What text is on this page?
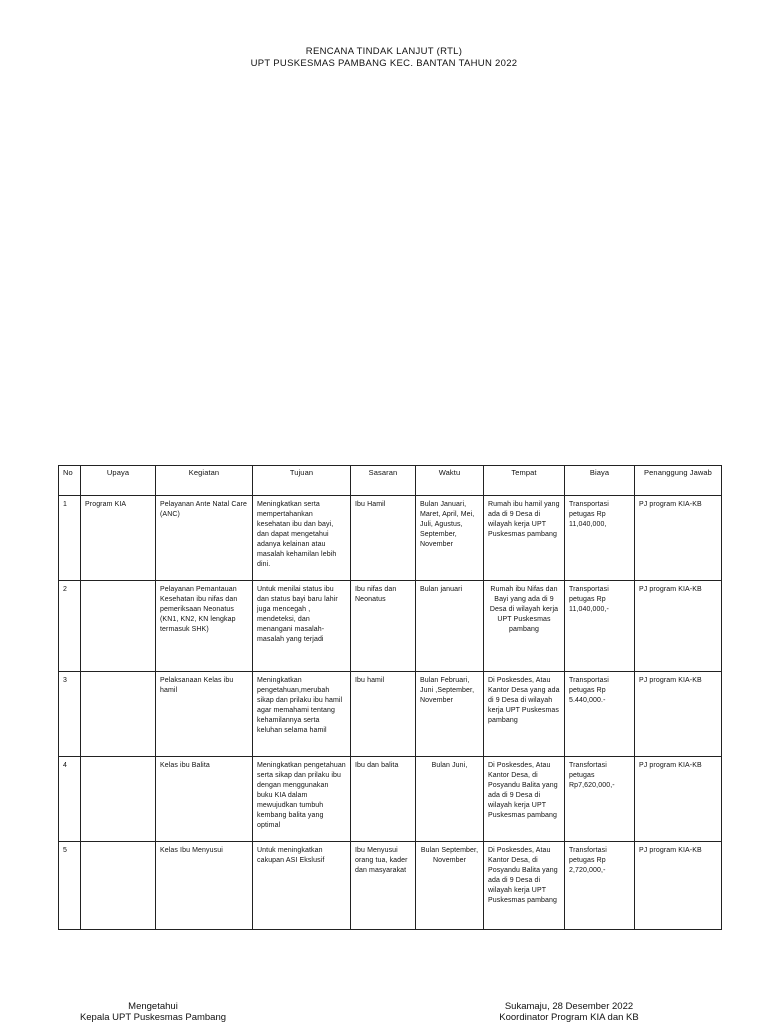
RENCANA TINDAK LANJUT (RTL)
UPT PUSKESMAS PAMBANG KEC. BANTAN TAHUN 2022
No	Upaya	Kegiatan	Tujuan	Sasaran	Waktu	Tempat	Biaya	Penanggung Jawab
1	Program KIA	Pelayanan Ante Natal Care (ANC)	Meningkatkan serta mempertahankan kesehatan ibu dan bayi, dan dapat mengetahui adanya kelainan atau masalah kehamilan lebih dini.	Ibu Hamil	Bulan Januari, Maret, April, Mei, Juli, Agustus, September, November	Rumah ibu hamil yang ada di 9 Desa di wilayah kerja UPT Puskesmas pambang	Transportasi petugas Rp 11,040,000,	PJ program KIA-KB
2		Pelayanan Pemantauan Kesehatan ibu nifas dan pemeriksaan Neonatus (KN1, KN2, KN lengkap termasuk SHK)	Untuk menilai status ibu dan status bayi baru lahir juga mencegah , mendeteksi, dan menangani masalah-masalah yang terjadi	Ibu nifas dan Neonatus	Bulan januari	Rumah ibu Nifas dan Bayi yang ada di 9 Desa di wilayah kerja UPT Puskesmas pambang	Transportasi petugas Rp 11,040,000,-	PJ program KIA-KB
3		Pelaksanaan Kelas ibu hamil	Meningkatkan pengetahuan,merubah sikap dan prilaku ibu hamil agar memahami tentang kehamilannya serta keluhan selama hamil	Ibu hamil	Bulan Februari, Juni ,September, November	Di Poskesdes, Atau Kantor Desa yang ada di 9 Desa di wilayah kerja UPT Puskesmas pambang	Transportasi petugas Rp 5.440,000.-	PJ program KIA-KB
4		Kelas ibu Balita	Meningkatkan pengetahuan serta sikap dan prilaku ibu dengan menggunakan buku KIA dalam mewujudkan tumbuh kembang balita yang optimal	Ibu dan balita	Bulan Juni,	Di Poskesdes, Atau Kantor Desa, di Posyandu Balita yang ada di 9 Desa di wilayah kerja UPT Puskesmas pambang	Transfortasi petugas Rp7,620,000,-	PJ program KIA-KB
5		Kelas Ibu Menyusui	Untuk meningkatkan cakupan ASI Ekslusif	Ibu Menyusui orang tua, kader dan masyarakat	Bulan September, November	Di Poskesdes, Atau Kantor Desa, di Posyandu Balita yang ada di 9 Desa di wilayah kerja UPT Puskesmas pambang	Transfortasi petugas Rp 2,720,000,-	PJ program KIA-KB
Mengetahui
Kepala UPT Puskesmas Pambang
Sukamaju, 28 Desember 2022
Koordinator Program KIA dan KB
